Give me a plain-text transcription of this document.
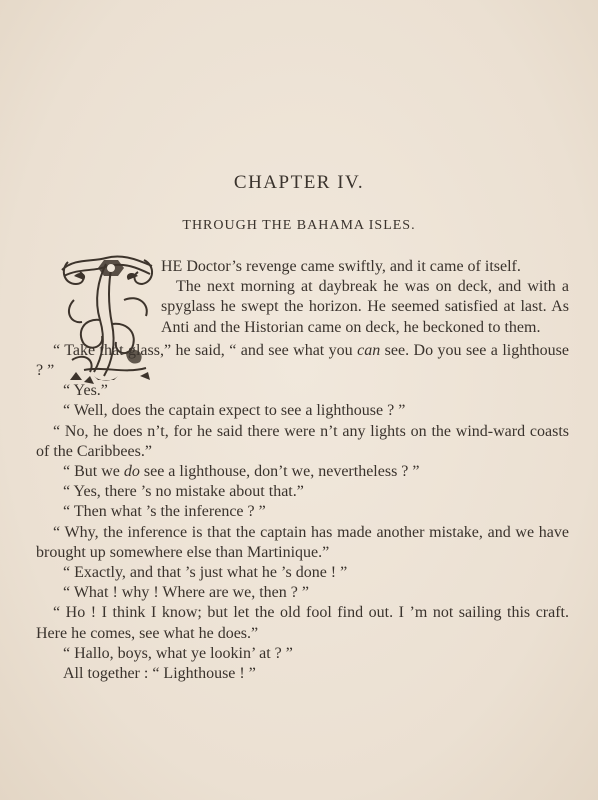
CHAPTER IV.
THROUGH THE BAHAMA ISLES.

HE Doctor’s revenge came swiftly, and it came of itself.

The next morning at daybreak he was on deck, and with a spyglass he swept the horizon. He seemed satisfied at last. As Anti and the Historian came on deck, he beckoned to them.

“ Take that glass,” he said, “ and see what you can see. Do you see a lighthouse ? ”

“ Yes.”

“ Well, does the captain expect to see a lighthouse ? ”

“ No, he does n’t, for he said there were n’t any lights on the wind-ward coasts of the Caribbees.”

“ But we do see a lighthouse, don’t we, nevertheless ? ”

“ Yes, there ’s no mistake about that.”

“ Then what ’s the inference ? ”

“ Why, the inference is that the captain has made another mistake, and we have brought up somewhere else than Martinique.”

“ Exactly, and that ’s just what he ’s done ! ”

“ What ! why ! Where are we, then ? ”

“ Ho ! I think I know; but let the old fool find out. I ’m not sailing this craft. Here he comes, see what he does.”

“ Hallo, boys, what ye lookin’ at ? ”

All together : “ Lighthouse ! ”
